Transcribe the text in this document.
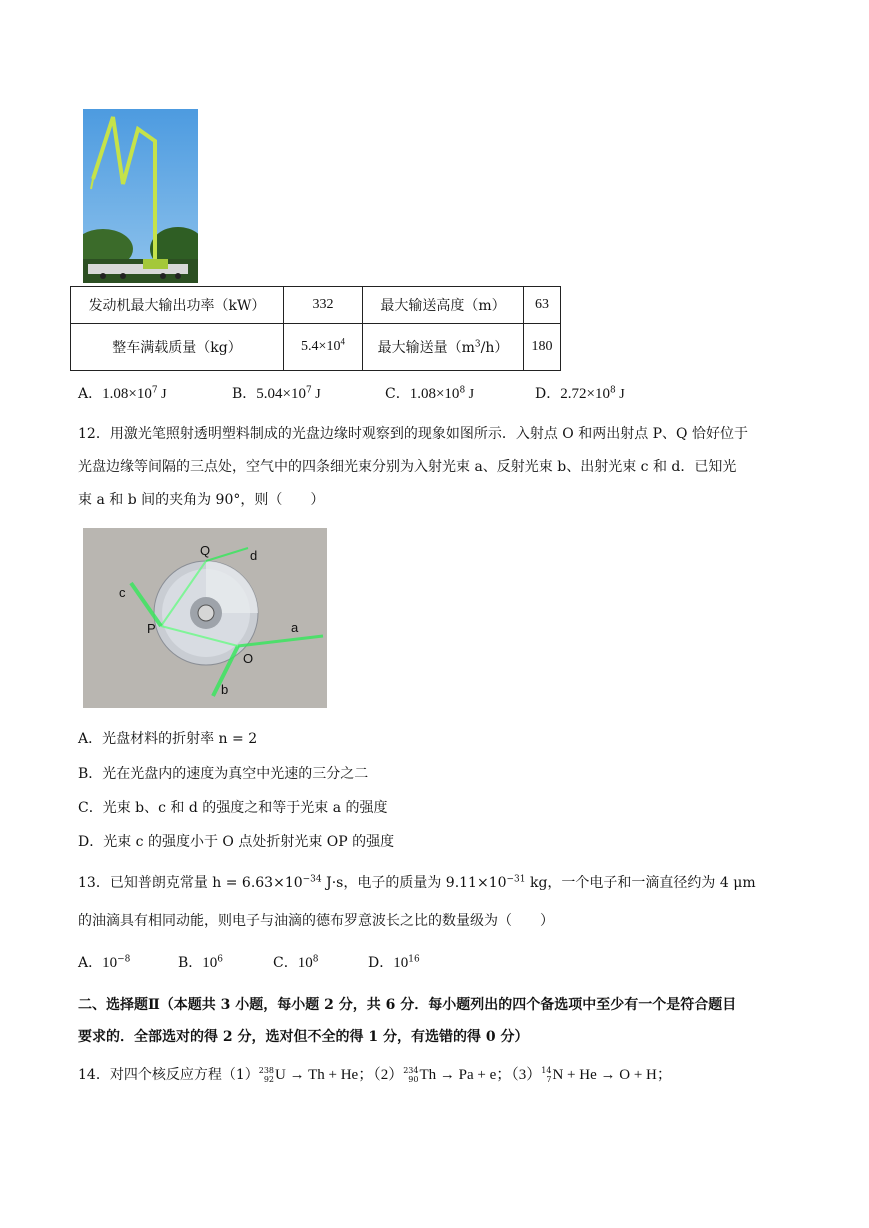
发动机最大输出功率（kW）	332	最大输送高度（m）	63
整车满载质量（kg）	$5.4\times 10^4$	最大输送量$(m^3/h)$	180
A．$1.08\times 10^7$ J	B．$5.04\times 10^7$ J	C．$1.08\times 10^8$ J	D．$2.72\times 10^8$ J
12．用激光笔照射透明塑料制成的光盘边缘时观察到的现象如图所示．入射点 O 和两出射点 P、Q 恰好位于
光盘边缘等间隔的三点处，空气中的四条细光束分别为入射光束 a、反射光束 b、出射光束 c 和 d．已知光
束 a 和 b 间的夹角为 90°，则（　　）
Q	d
c
P	a
O
b
A．光盘材料的折射率 n = 2
B．光在光盘内的速度为真空中光速的三分之二
C．光束 b、c 和 d 的强度之和等于光束 a 的强度
D．光束 c 的强度小于 O 点处折射光束 OP 的强度
13．已知普朗克常量 $h = 6.63\times 10^{-34}$ J·s，电子的质量为 $9.11\times 10^{-31}$ kg，一个电子和一滴直径约为 4 μm
的油滴具有相同动能，则电子与油滴的德布罗意波长之比的数量级为（　　）
A．$10^{-8}$	B．$10^6$	C．$10^8$	D．$10^{16}$
二、选择题Ⅱ（本题共 3 小题，每小题 2 分，共 6 分．每小题列出的四个备选项中至少有一个是符合题目
要求的．全部选对的得 2 分，选对但不全的得 1 分，有选错的得 0 分）
14．对四个核反应方程（1） 238
92 U → Th + He；（2） 234
90 Th → Pa + e；（3） 14
7 N + He → O + H；
